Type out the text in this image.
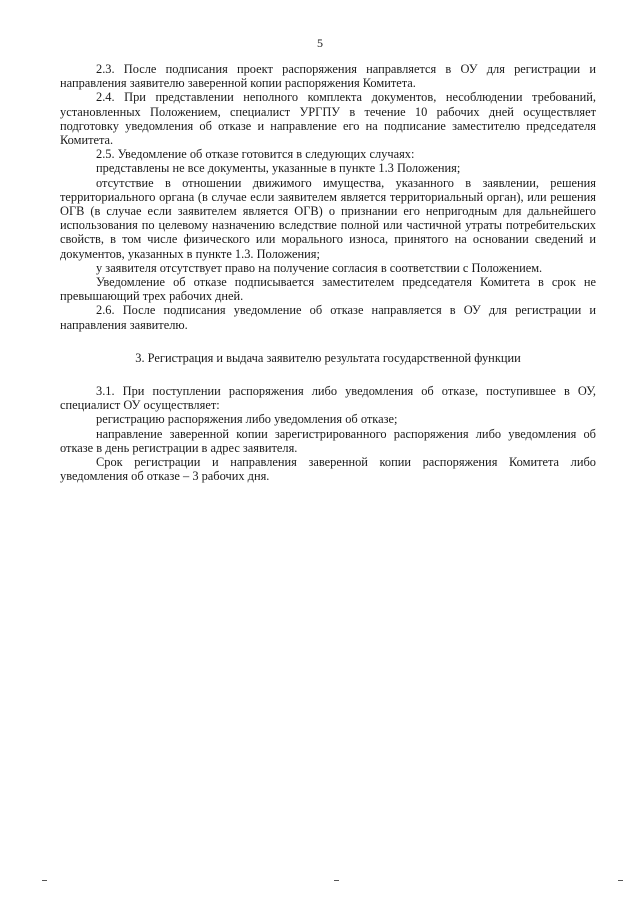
5

2.3. После подписания проект распоряжения направляется в ОУ для регистрации и направления заявителю заверенной копии распоряжения Комитета.

2.4. При представлении неполного комплекта документов, несоблюдении требований, установленных Положением, специалист УРГПУ в течение 10 рабочих дней осуществляет подготовку уведомления об отказе и направление его на подписание заместителю председателя Комитета.

2.5. Уведомление об отказе готовится в следующих случаях:

представлены не все документы, указанные в пункте 1.3 Положения;

отсутствие в отношении движимого имущества, указанного в заявлении, решения территориального органа (в случае если заявителем является территориальный орган), или решения ОГВ (в случае если заявителем является ОГВ) о признании его непригодным для дальнейшего использования по целевому назначению вследствие полной или частичной утраты потребительских свойств, в том числе физического или морального износа, принятого на основании сведений и документов, указанных в пункте 1.3. Положения;

у заявителя отсутствует право на получение согласия в соответствии с Положением.

Уведомление об отказе подписывается заместителем председателя Комитета в срок не превышающий трех рабочих дней.

2.6. После подписания уведомление об отказе направляется в ОУ для регистрации и направления заявителю.

3. Регистрация и выдача заявителю результата государственной функции

3.1. При поступлении распоряжения либо уведомления об отказе, поступившее в ОУ, специалист ОУ осуществляет:

регистрацию распоряжения либо уведомления об отказе;

направление заверенной копии зарегистрированного распоряжения либо уведомления об отказе в день регистрации в адрес заявителя.

Срок регистрации и направления заверенной копии распоряжения Комитета либо уведомления об отказе – 3 рабочих дня.
